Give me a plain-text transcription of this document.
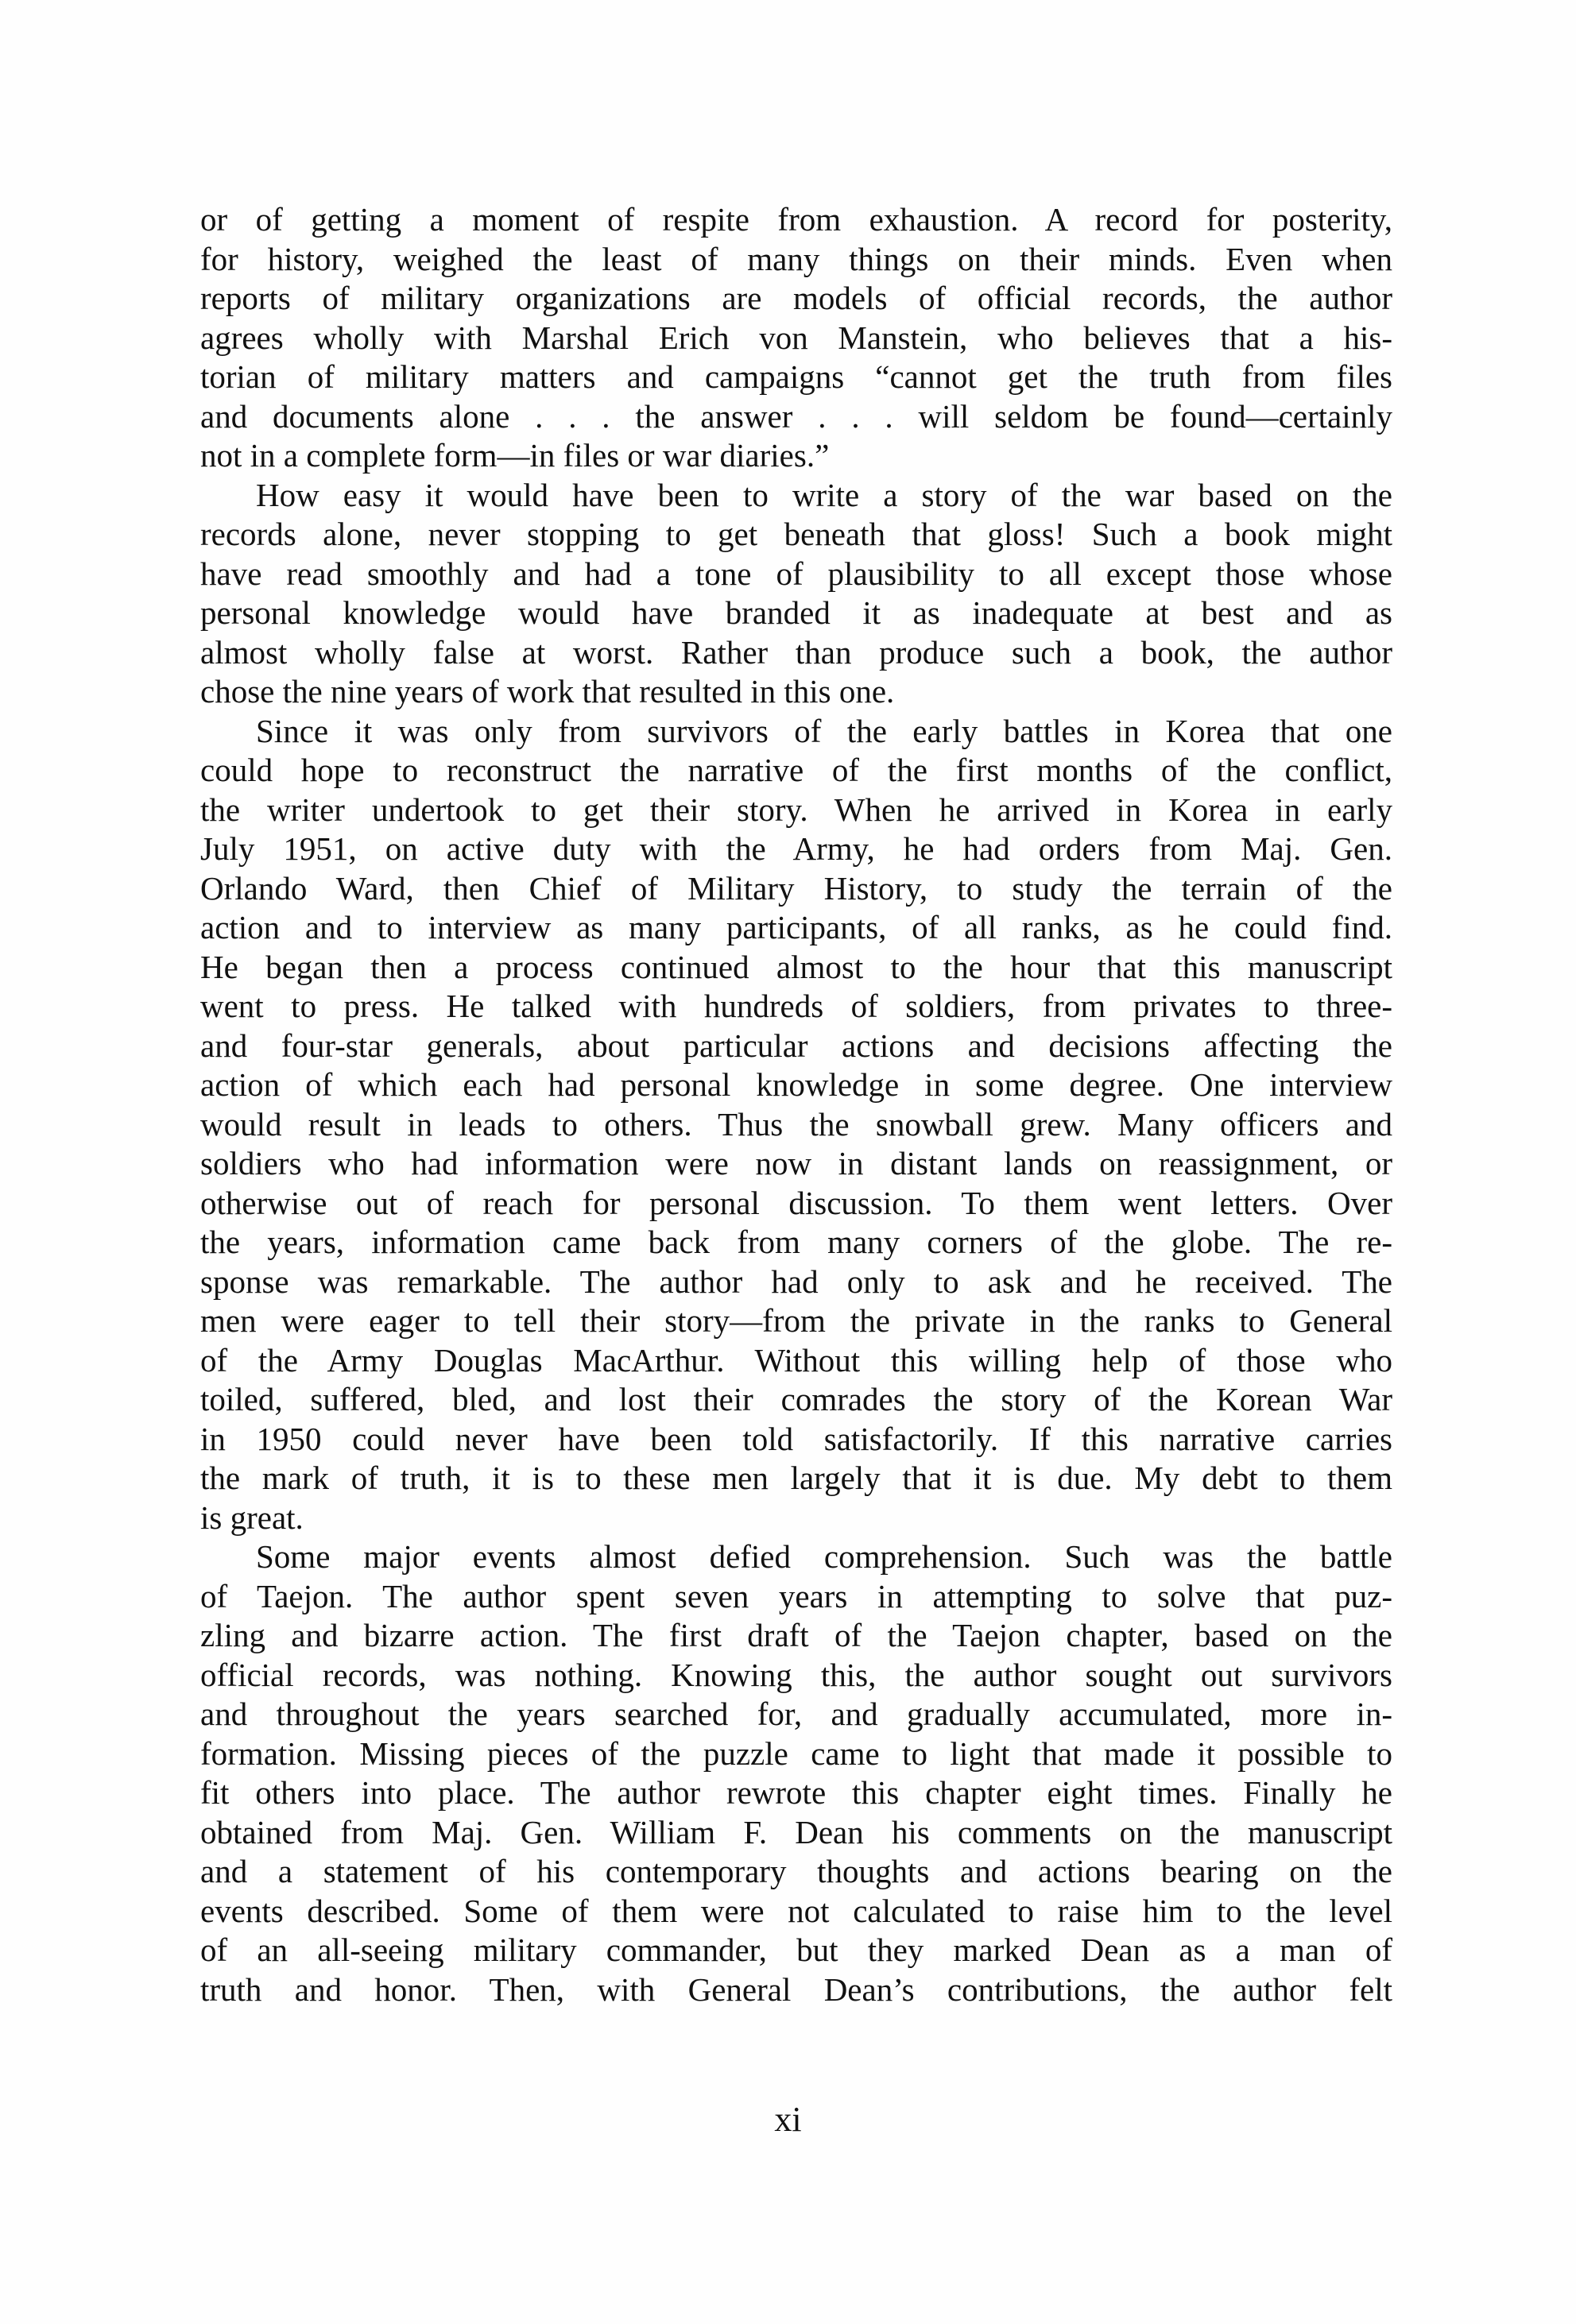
or of getting a moment of respite from exhaustion. A record for posterity,
for history, weighed the least of many things on their minds. Even when
reports of military organizations are models of official records, the author
agrees wholly with Marshal Erich von Manstein, who believes that a his-
torian of military matters and campaigns “cannot get the truth from files
and documents alone . . . the answer . . . will seldom be found—certainly
not in a complete form—in files or war diaries.”
How easy it would have been to write a story of the war based on the
records alone, never stopping to get beneath that gloss! Such a book might
have read smoothly and had a tone of plausibility to all except those whose
personal knowledge would have branded it as inadequate at best and as
almost wholly false at worst. Rather than produce such a book, the author
chose the nine years of work that resulted in this one.
Since it was only from survivors of the early battles in Korea that one
could hope to reconstruct the narrative of the first months of the conflict,
the writer undertook to get their story. When he arrived in Korea in early
July 1951, on active duty with the Army, he had orders from Maj. Gen.
Orlando Ward, then Chief of Military History, to study the terrain of the
action and to interview as many participants, of all ranks, as he could find.
He began then a process continued almost to the hour that this manuscript
went to press. He talked with hundreds of soldiers, from privates to three-
and four-star generals, about particular actions and decisions affecting the
action of which each had personal knowledge in some degree. One interview
would result in leads to others. Thus the snowball grew. Many officers and
soldiers who had information were now in distant lands on reassignment, or
otherwise out of reach for personal discussion. To them went letters. Over
the years, information came back from many corners of the globe. The re-
sponse was remarkable. The author had only to ask and he received. The
men were eager to tell their story—from the private in the ranks to General
of the Army Douglas MacArthur. Without this willing help of those who
toiled, suffered, bled, and lost their comrades the story of the Korean War
in 1950 could never have been told satisfactorily. If this narrative carries
the mark of truth, it is to these men largely that it is due. My debt to them
is great.
Some major events almost defied comprehension. Such was the battle
of Taejon. The author spent seven years in attempting to solve that puz-
zling and bizarre action. The first draft of the Taejon chapter, based on the
official records, was nothing. Knowing this, the author sought out survivors
and throughout the years searched for, and gradually accumulated, more in-
formation. Missing pieces of the puzzle came to light that made it possible to
fit others into place. The author rewrote this chapter eight times. Finally he
obtained from Maj. Gen. William F. Dean his comments on the manuscript
and a statement of his contemporary thoughts and actions bearing on the
events described. Some of them were not calculated to raise him to the level
of an all-seeing military commander, but they marked Dean as a man of
truth and honor. Then, with General Dean’s contributions, the author felt
xi
